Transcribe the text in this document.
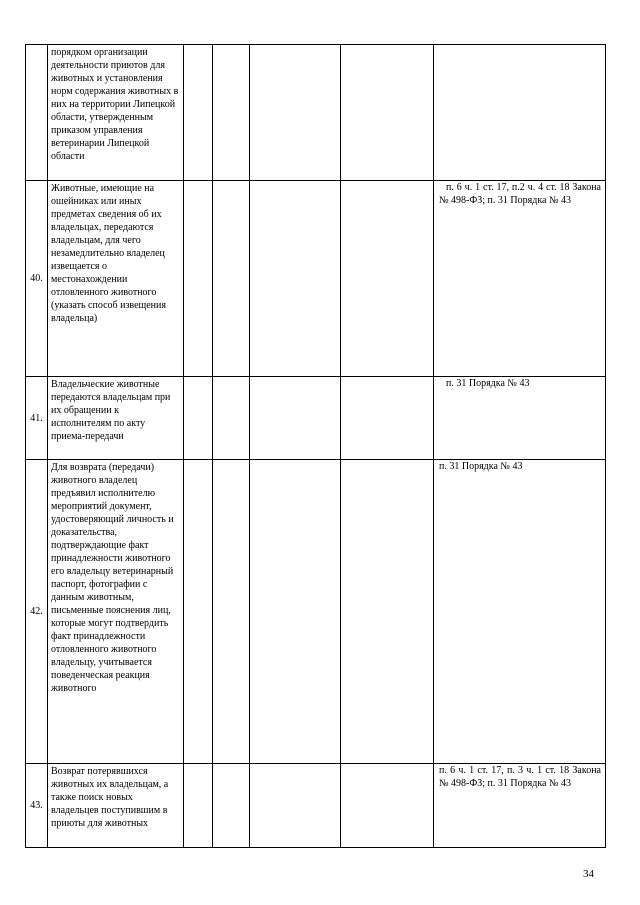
	порядком организации деятельности приютов для животных и установления норм содержания животных в них на территории Липецкой области, утвержденным приказом управления ветеринарии Липецкой области					
40.	Животные, имеющие на ошейниках или иных предметах сведения об их владельцах, передаются владельцам, для чего незамедлительно владелец извещается о местонахождении отловленного животного (указать способ извещения владельца)					п. 6 ч. 1 ст. 17, п.2 ч. 4 ст. 18 Закона № 498-ФЗ; п. 31 Порядка № 43
41.	Владельческие животные передаются владельцам при их обращении к исполнителям по акту приема-передачи					п. 31 Порядка № 43
42.	Для возврата (передачи) животного владелец предъявил исполнителю мероприятий документ, удостоверяющий личность и доказательства, подтверждающие факт принадлежности животного его владельцу ветеринарный паспорт, фотографии с данным животным, письменные пояснения лиц, которые могут подтвердить факт принадлежности отловленного животного владельцу, учитывается поведенческая реакция животного					п. 31 Порядка № 43
43.	Возврат потерявшихся животных их владельцам, а также поиск новых владельцев поступившим в приюты для животных					п. 6 ч. 1 ст. 17, п. 3 ч. 1 ст. 18 Закона № 498-ФЗ; п. 31 Порядка № 43
34
